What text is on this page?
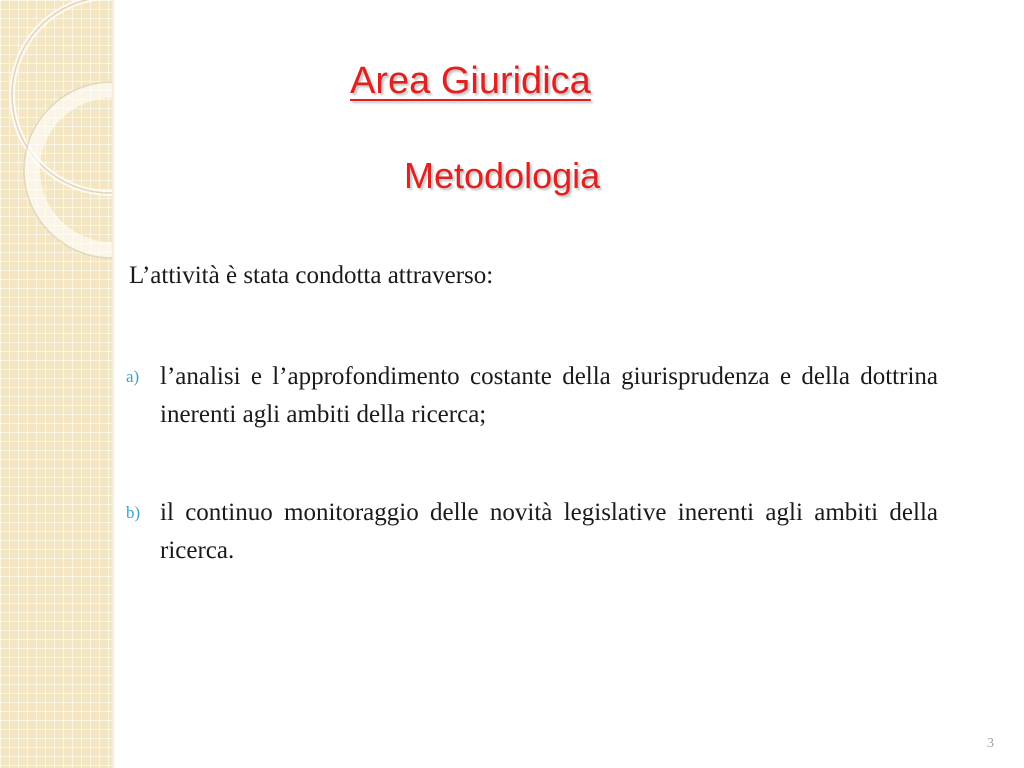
Area Giuridica
Metodologia

L’attività è stata condotta attraverso:

a) l’analisi e l’approfondimento costante della giurisprudenza e della dottrina inerenti agli ambiti della ricerca;
b) il continuo monitoraggio delle novità legislative inerenti agli ambiti della ricerca.
3
